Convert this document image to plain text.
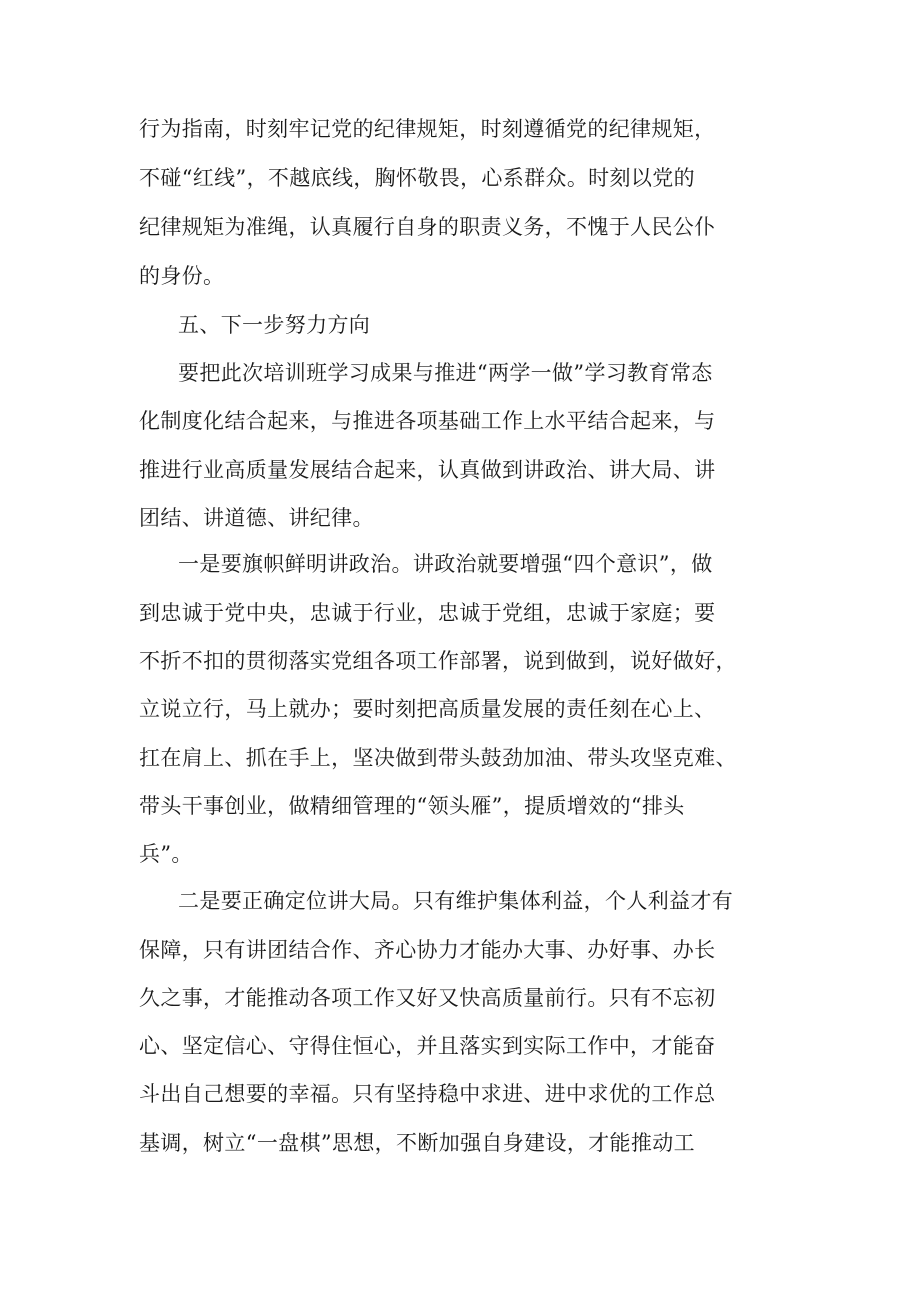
行为指南，时刻牢记党的纪律规矩，时刻遵循党的纪律规矩，

不碰“红线”，不越底线，胸怀敬畏，心系群众。时刻以党的

纪律规矩为准绳，认真履行自身的职责义务，不愧于人民公仆

的身份。

五、下一步努力方向

要把此次培训班学习成果与推进“两学一做”学习教育常态

化制度化结合起来，与推进各项基础工作上水平结合起来，与

推进行业高质量发展结合起来，认真做到讲政治、讲大局、讲

团结、讲道德、讲纪律。

一是要旗帜鲜明讲政治。讲政治就要增强“四个意识”，做

到忠诚于党中央，忠诚于行业，忠诚于党组，忠诚于家庭；要

不折不扣的贯彻落实党组各项工作部署，说到做到，说好做好，

立说立行，马上就办；要时刻把高质量发展的责任刻在心上、

扛在肩上、抓在手上，坚决做到带头鼓劲加油、带头攻坚克难、

带头干事创业，做精细管理的“领头雁”，提质增效的“排头

兵”。

二是要正确定位讲大局。只有维护集体利益，个人利益才有

保障，只有讲团结合作、齐心协力才能办大事、办好事、办长

久之事，才能推动各项工作又好又快高质量前行。只有不忘初

心、坚定信心、守得住恒心，并且落实到实际工作中，才能奋

斗出自己想要的幸福。只有坚持稳中求进、进中求优的工作总

基调，树立“一盘棋”思想，不断加强自身建设，才能推动工
